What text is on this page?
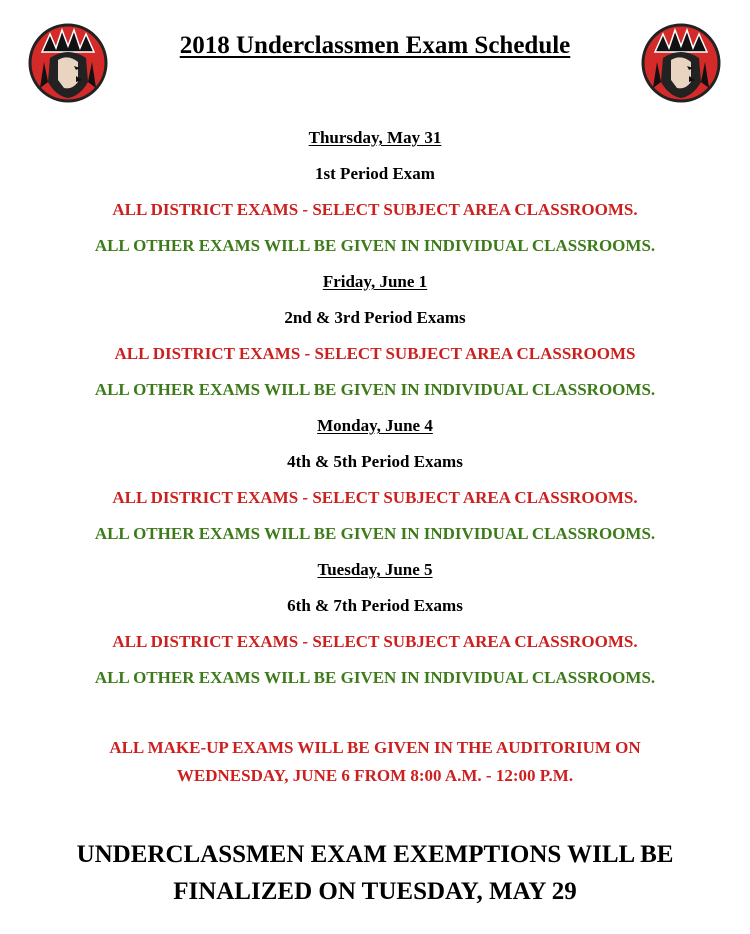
2018 Underclassmen Exam Schedule
Thursday, May 31
1st Period Exam
ALL DISTRICT EXAMS - SELECT SUBJECT AREA CLASSROOMS.
ALL OTHER EXAMS WILL BE GIVEN IN INDIVIDUAL CLASSROOMS.
Friday, June 1
2nd & 3rd Period Exams
ALL DISTRICT EXAMS - SELECT SUBJECT AREA CLASSROOMS
ALL OTHER EXAMS WILL BE GIVEN IN INDIVIDUAL CLASSROOMS.
Monday, June 4
4th & 5th Period Exams
ALL DISTRICT EXAMS - SELECT SUBJECT AREA CLASSROOMS.
ALL OTHER EXAMS WILL BE GIVEN IN INDIVIDUAL CLASSROOMS.
Tuesday, June 5
6th & 7th Period Exams
ALL DISTRICT EXAMS - SELECT SUBJECT AREA CLASSROOMS.
ALL OTHER EXAMS WILL BE GIVEN IN INDIVIDUAL CLASSROOMS.
ALL MAKE-UP EXAMS WILL BE GIVEN IN THE AUDITORIUM ON
WEDNESDAY, JUNE 6 FROM 8:00 A.M. - 12:00 P.M.
UNDERCLASSMEN EXAM EXEMPTIONS WILL BE
FINALIZED ON TUESDAY, MAY 29
